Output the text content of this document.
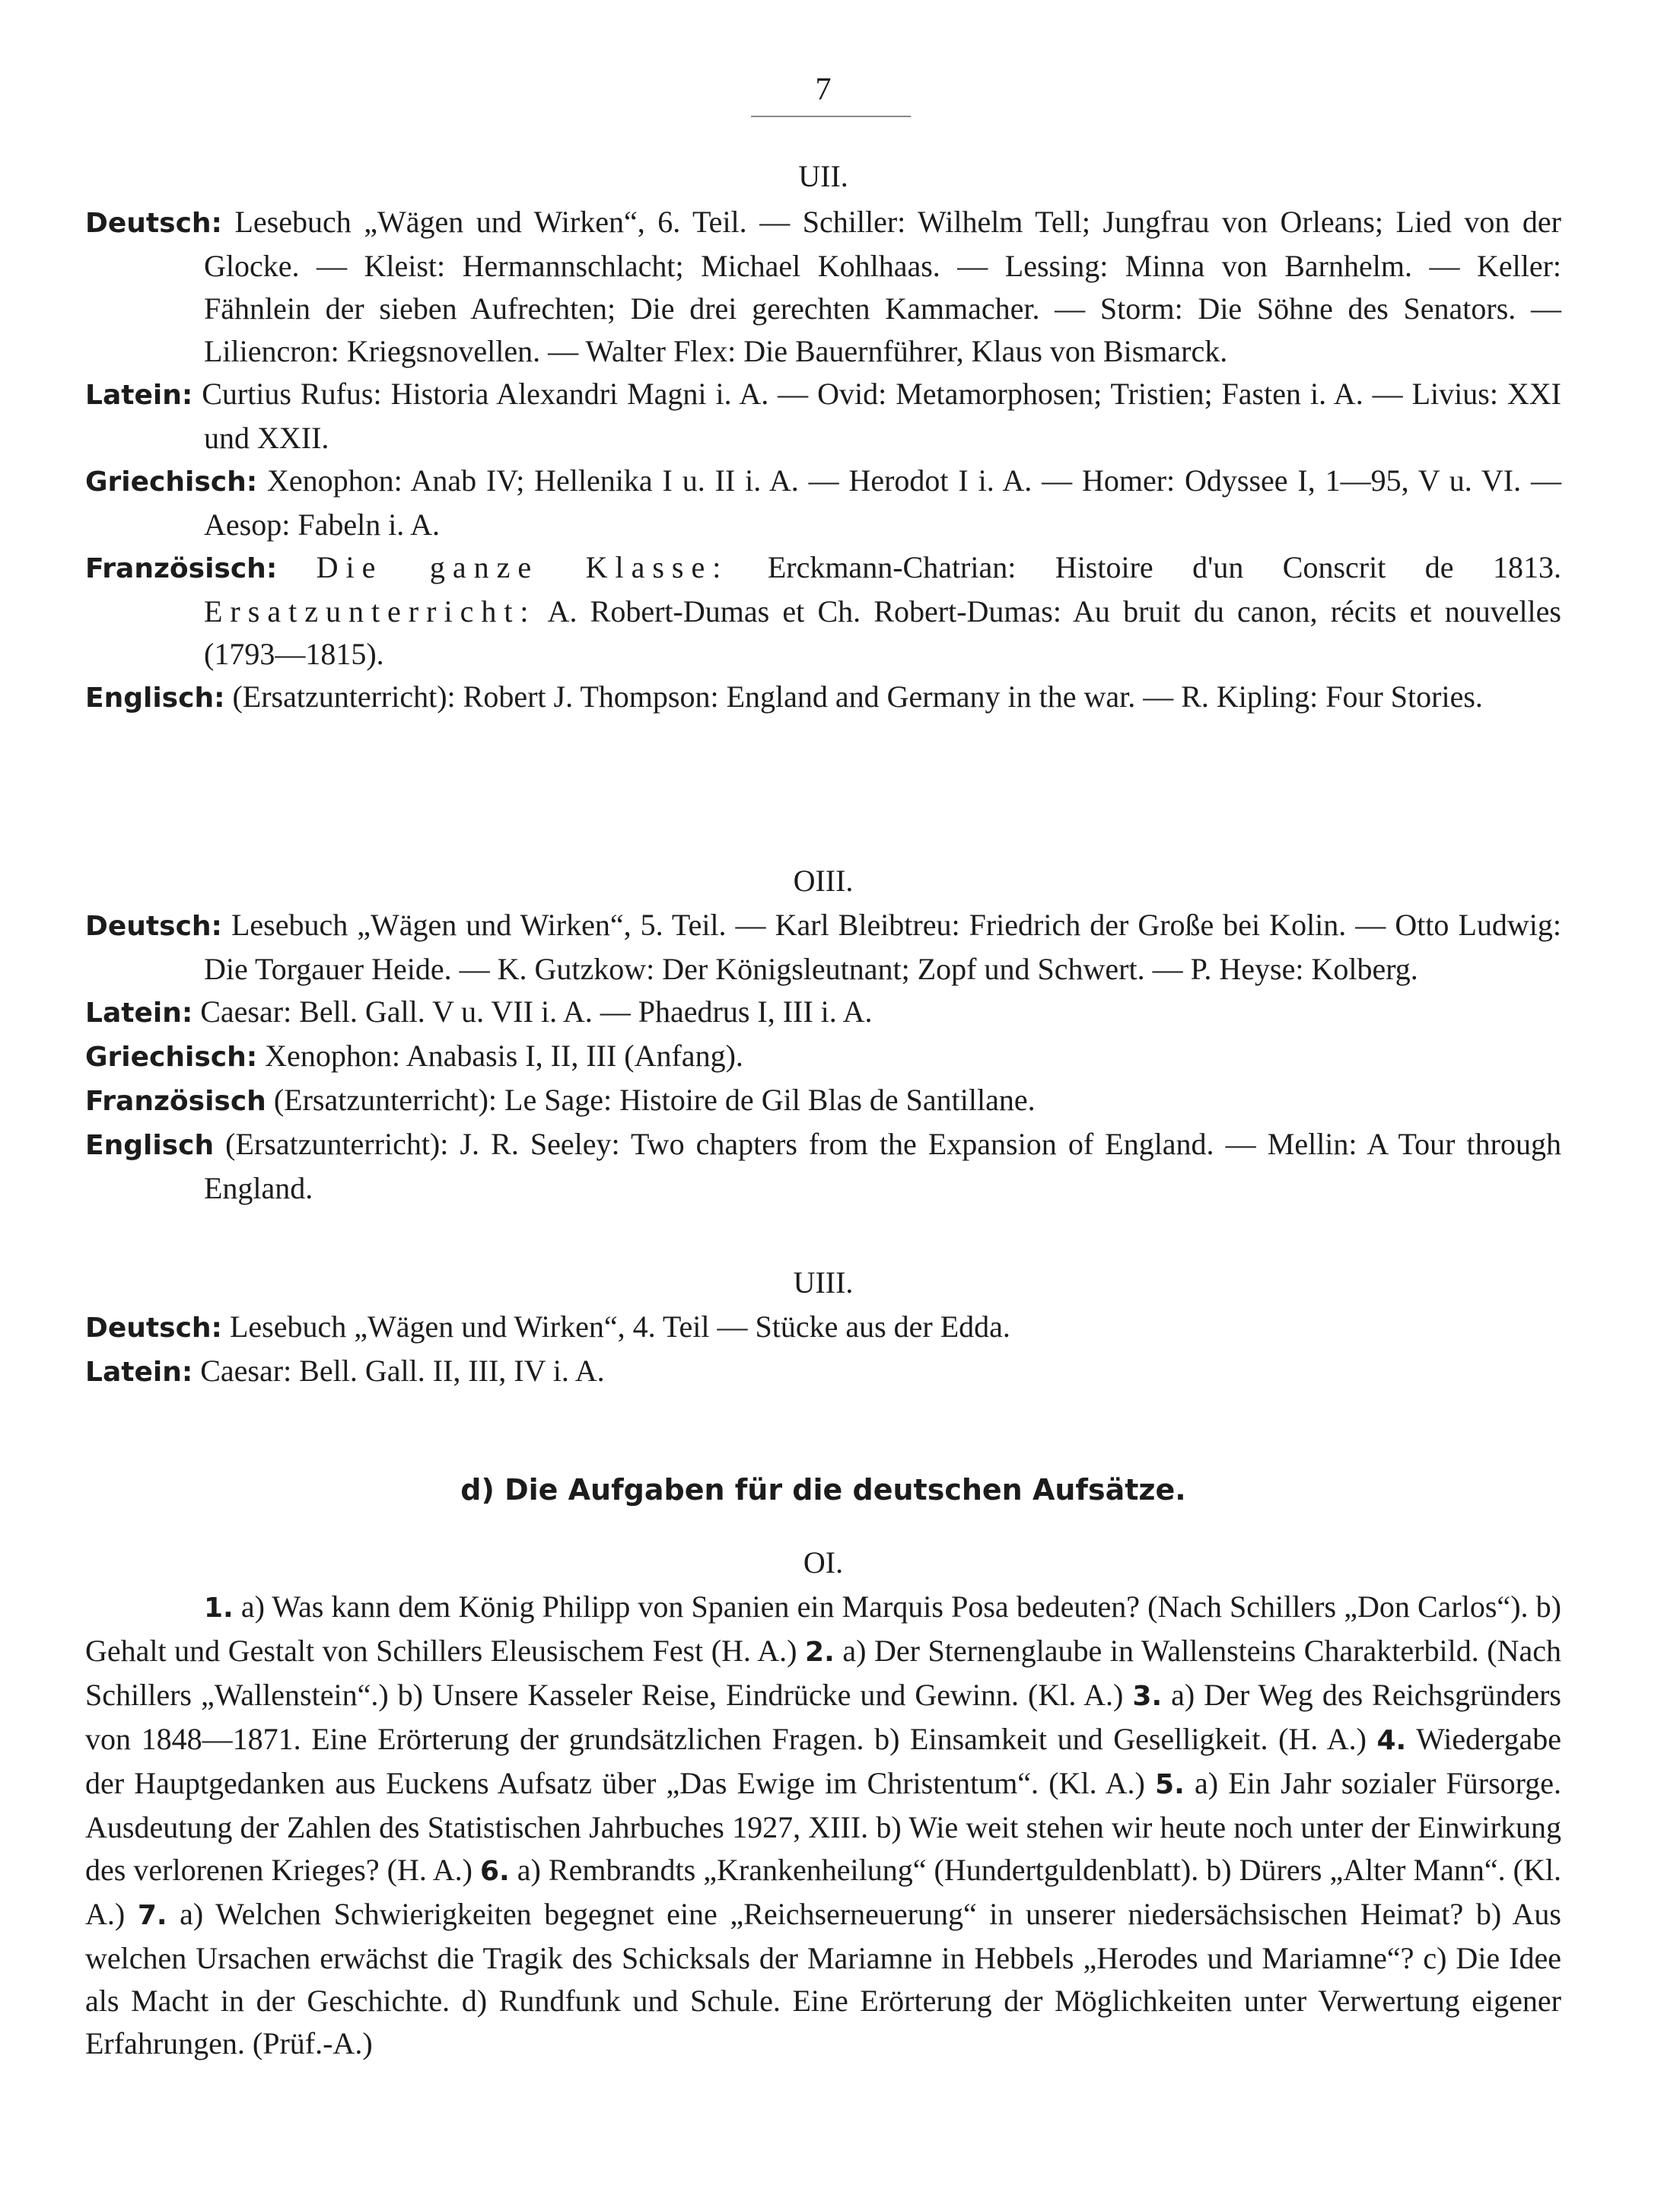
7
UII.

Deutsch: Lesebuch „Wägen und Wirken“, 6. Teil. — Schiller: Wilhelm Tell; Jungfrau von Orleans; Lied von der Glocke. — Kleist: Hermannschlacht; Michael Kohlhaas. — Lessing: Minna von Barnhelm. — Keller: Fähnlein der sieben Aufrechten; Die drei gerechten Kammacher. — Storm: Die Söhne des Senators. — Liliencron: Kriegsnovellen. — Walter Flex: Die Bauernführer, Klaus von Bismarck.

Latein: Curtius Rufus: Historia Alexandri Magni i. A. — Ovid: Metamorphosen; Tristien; Fasten i. A. — Livius: XXI und XXII.

Griechisch: Xenophon: Anab IV; Hellenika I u. II i. A. — Herodot I i. A. — Homer: Odyssee I, 1—95, V u. VI. — Aesop: Fabeln i. A.

Französisch: Die ganze Klasse: Erckmann-Chatrian: Histoire d'un Conscrit de 1813. Ersatzunterricht: A. Robert-Dumas et Ch. Robert-Dumas: Au bruit du canon, récits et nouvelles (1793—1815).

Englisch: (Ersatzunterricht): Robert J. Thompson: England and Germany in the war. — R. Kipling: Four Stories.

OIII.

Deutsch: Lesebuch „Wägen und Wirken“, 5. Teil. — Karl Bleibtreu: Friedrich der Große bei Kolin. — Otto Ludwig: Die Torgauer Heide. — K. Gutzkow: Der Königsleutnant; Zopf und Schwert. — P. Heyse: Kolberg.

Latein: Caesar: Bell. Gall. V u. VII i. A. — Phaedrus I, III i. A.

Griechisch: Xenophon: Anabasis I, II, III (Anfang).

Französisch (Ersatzunterricht): Le Sage: Histoire de Gil Blas de Santillane.

Englisch (Ersatzunterricht): J. R. Seeley: Two chapters from the Expansion of England. — Mellin: A Tour through England.

UIII.

Deutsch: Lesebuch „Wägen und Wirken“, 4. Teil — Stücke aus der Edda.

Latein: Caesar: Bell. Gall. II, III, IV i. A.

d) Die Aufgaben für die deutschen Aufsätze.
OI.

1. a) Was kann dem König Philipp von Spanien ein Marquis Posa bedeuten? (Nach Schillers „Don Carlos“). b) Gehalt und Gestalt von Schillers Eleusischem Fest (H. A.) 2. a) Der Sternenglaube in Wallensteins Charakterbild. (Nach Schillers „Wallenstein“.) b) Unsere Kasseler Reise, Eindrücke und Gewinn. (Kl. A.) 3. a) Der Weg des Reichsgründers von 1848—1871. Eine Erörterung der grundsätzlichen Fragen. b) Einsamkeit und Geselligkeit. (H. A.) 4. Wiedergabe der Hauptgedanken aus Euckens Aufsatz über „Das Ewige im Christentum“. (Kl. A.) 5. a) Ein Jahr sozialer Fürsorge. Ausdeutung der Zahlen des Statistischen Jahrbuches 1927, XIII. b) Wie weit stehen wir heute noch unter der Einwirkung des verlorenen Krieges? (H. A.) 6. a) Rembrandts „Krankenheilung“ (Hundertguldenblatt). b) Dürers „Alter Mann“. (Kl. A.) 7. a) Welchen Schwierigkeiten begegnet eine „Reichserneuerung“ in unserer niedersächsischen Heimat? b) Aus welchen Ursachen erwächst die Tragik des Schicksals der Mariamne in Hebbels „Herodes und Mariamne“? c) Die Idee als Macht in der Geschichte. d) Rundfunk und Schule. Eine Erörterung der Möglichkeiten unter Verwertung eigener Erfahrungen. (Prüf.-A.)
